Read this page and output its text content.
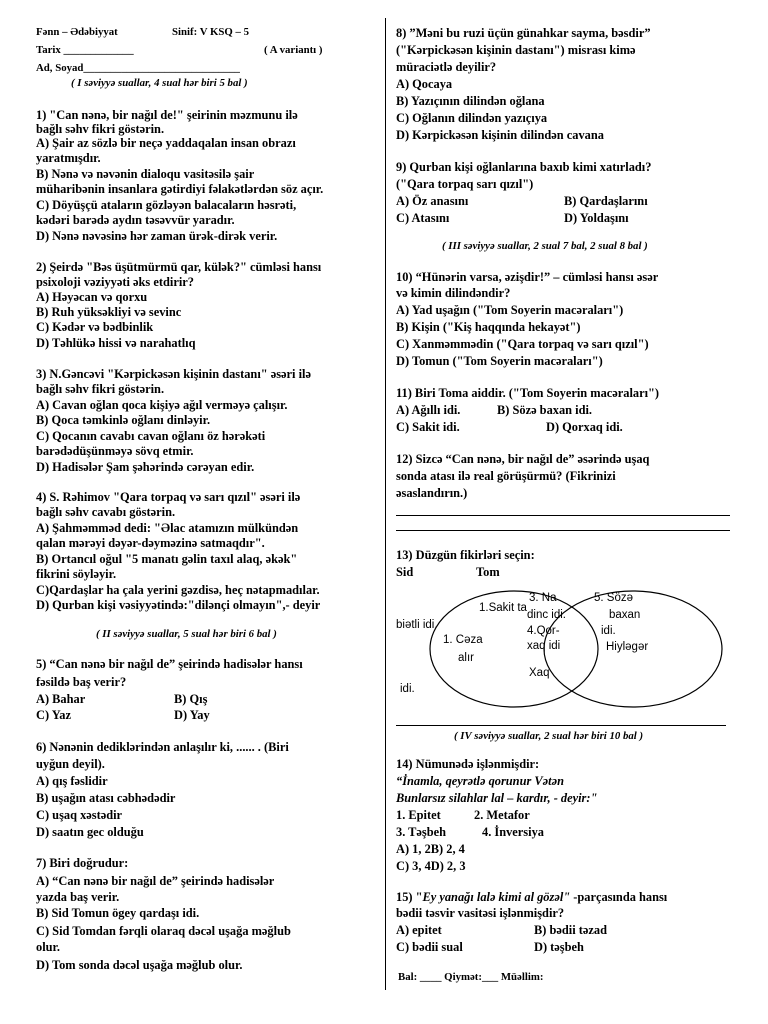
Fənn – Ədəbiyyat	Sinif: V KSQ – 5
Tarix _____________	( A variantı )
Ad, Soyad_____________________________
( I səviyyə suallar, 4 sual hər biri 5 bal )
1) "Can nənə, bir nağıl de!" şeirinin məzmunu ilə
bağlı səhv fikri göstərin.
A) Şair az sözlə bir neçə yaddaqalan insan obrazı
yaratmışdır.
B) Nənə və nəvənin dialoqu vasitəsilə şair
müharibənin insanlara gətirdiyi fəlakətlərdən söz açır.
C) Döyüşçü ataların gözləyən balacaların həsrəti,
kədəri barədə aydın təsəvvür yaradır.
D) Nənə nəvəsinə hər zaman ürək-dirək verir.
2) Şeirdə "Bəs üşütmürmü qar, külək?" cümləsi hansı
psixoloji vəziyyəti əks etdirir?
A) Həyəcan və qorxu
B) Ruh yüksəkliyi və sevinc
C) Kədər və bədbinlik
D) Təhlükə hissi və narahatlıq
3) N.Gəncəvi "Kərpickəsən kişinin dastanı" əsəri ilə
bağlı səhv fikri göstərin.
A) Cavan oğlan qoca kişiyə ağıl verməyə çalışır.
B) Qoca təmkinlə oğlanı dinləyir.
C) Qocanın cavabı cavan oğlanı öz hərəkəti
barədədüşünməyə sövq etmir.
D) Hadisələr Şam şəhərində cərəyan edir.
4) S. Rəhimov "Qara torpaq və sarı qızıl" əsəri ilə
bağlı səhv cavabı göstərin.
A) Şahməmməd dedi: "Əlac atamızın mülkündən
qalan mərəyi dəyər-dəyməzinə satmaqdır".
B) Ortancıl oğul "5 manatı gəlin taxıl alaq, əkək"
fikrini söyləyir.
C)Qardaşlar ha çala yerini gəzdisə, heç nətapmadılar.
D) Qurban kişi vəsiyyətində:"dilənçi olmayın",- deyir
( II səviyyə suallar, 5 sual hər biri 6 bal )
5) “Can nənə bir nağıl de” şeirində hadisələr hansı
fəsildə baş verir?
A) Bahar	B) Qış
C) Yaz	D) Yay
6) Nənənin dediklərindən anlaşılır ki, ...... . (Biri
uyğun deyil).
A) qış fəslidir
B) uşağın atası cəbhədədir
C) uşaq xəstədir
D) saatın gec olduğu
7) Biri doğrudur:
A) “Can nənə bir nağıl de” şeirində hadisələr
yazda baş verir.
B) Sid Tomun ögey qardaşı idi.
C) Sid Tomdan fərqli olaraq dəcəl uşağa məğlub
olur.
D) Tom sonda dəcəl uşağa məğlub olur.
8) ”Məni bu ruzi üçün günahkar sayma, bəsdir”
("Kərpickəsən kişinin dastanı") misrası kimə
müraciətlə deyilir?
A) Qocaya
B) Yazıçının dilindən oğlana
C) Oğlanın dilindən yazıçıya
D) Kərpickəsən kişinin dilindən cavana
9) Qurban kişi oğlanlarına baxıb kimi xatırladı?
("Qara torpaq sarı qızıl")
A) Öz anasını	B) Qardaşlarını
C) Atasını	D) Yoldaşını
( III səviyyə suallar, 2 sual 7 bal, 2 sual 8 bal )
10) “Hünərin varsa, əzişdir!” – cümləsi hansı əsər
və kimin dilindəndir?
A) Yad uşağın ("Tom Soyerin macəraları")
B) Kişin ("Kiş haqqında hekayət")
C) Xanməmmədin ("Qara torpaq və sarı qızıl")
D) Tomun ("Tom Soyerin macəraları")
11) Biri Toma aiddir. ("Tom Soyerin macəraları")
A) Ağıllı idi.	B) Sözə baxan idi.
C) Sakit idi.	D) Qorxaq idi.
12) Sizcə “Can nənə, bir nağıl de” əsərində uşaq
sonda atası ilə real görüşürmü? (Fikrinizi
əsaslandırın.)
13) Düzgün fikirləri seçin:
Sid	Tom
biətli idi.
idi.
1.Sakit ta
1. Cəza
alır
3. Na
dinc idi.
4.Qor-
xaq idi
Xaq
5. Sözə
baxan
idi.
Hiyləgər
( IV səviyyə suallar, 2 sual hər biri 10 bal )
14) Nümunədə işlənmişdir:
“İnamla, qeyrətlə qorunur Vətən
Bunlarsız silahlar lal – kardır, - deyir:"
1. Epitet	2. Metafor
3. Təşbeh	4. İnversiya
A) 1, 2B) 2, 4
C) 3, 4D) 2, 3
15) "Ey yanağı lalə kimi al gözəl" -parçasında hansı
bədii təsvir vasitəsi işlənmişdir?
A) epitet	B) bədii təzad
C) bədii sual	D) təşbeh
Bal: ____ Qiymət:___ Müəllim:
